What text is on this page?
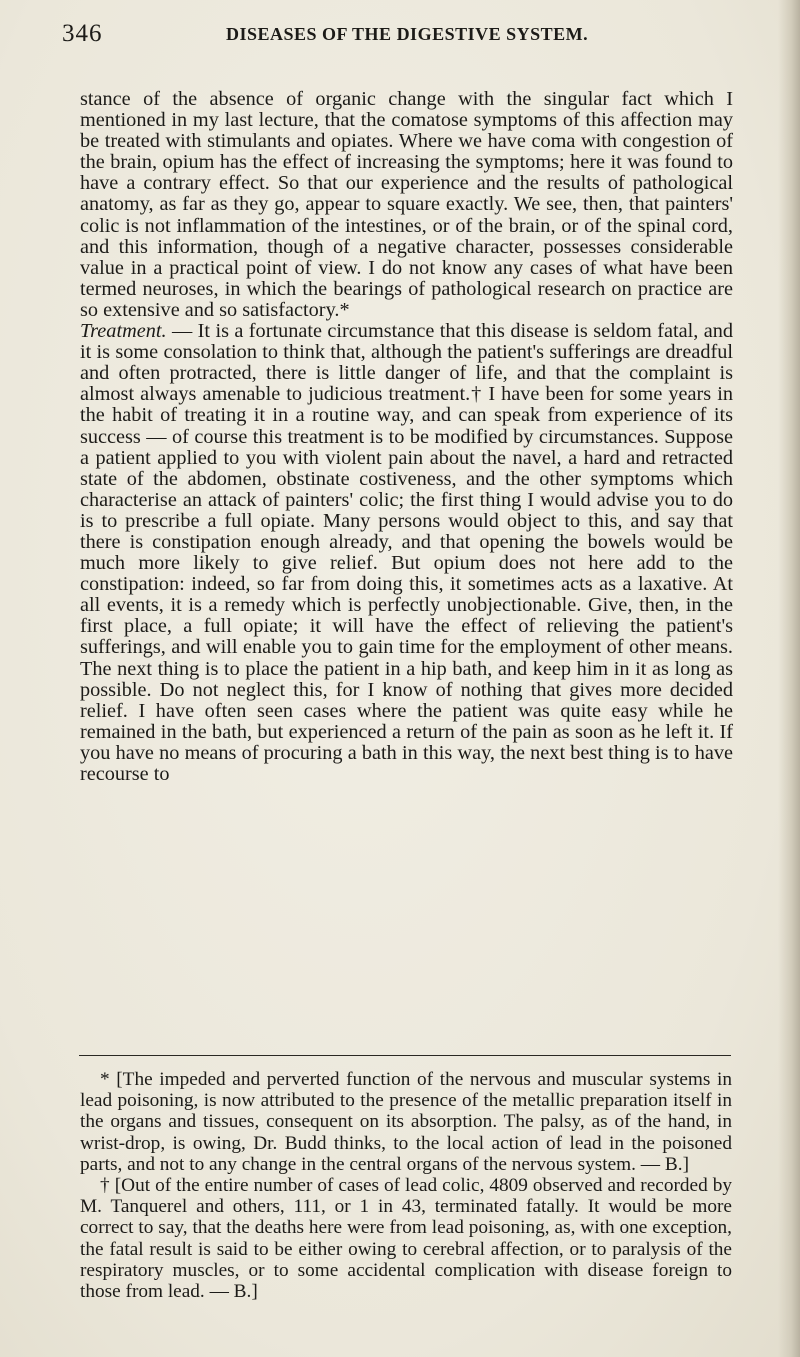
346	DISEASES OF THE DIGESTIVE SYSTEM.

stance of the absence of organic change with the singular fact which I mentioned in my last lecture, that the comatose symptoms of this affection may be treated with stimulants and opiates. Where we have coma with congestion of the brain, opium has the effect of increasing the symptoms; here it was found to have a contrary effect. So that our experience and the results of pathological anatomy, as far as they go, appear to square exactly. We see, then, that painters' colic is not inflammation of the intestines, or of the brain, or of the spinal cord, and this information, though of a negative character, possesses considerable value in a practical point of view. I do not know any cases of what have been termed neuroses, in which the bearings of pathological research on practice are so extensive and so satisfactory.*

Treatment. — It is a fortunate circumstance that this disease is seldom fatal, and it is some consolation to think that, although the patient's sufferings are dreadful and often protracted, there is little danger of life, and that the complaint is almost always amenable to judicious treatment.† I have been for some years in the habit of treating it in a routine way, and can speak from experience of its success — of course this treatment is to be modified by circumstances. Suppose a patient applied to you with violent pain about the navel, a hard and retracted state of the abdomen, obstinate costiveness, and the other symptoms which characterise an attack of painters' colic; the first thing I would advise you to do is to prescribe a full opiate. Many persons would object to this, and say that there is constipation enough already, and that opening the bowels would be much more likely to give relief. But opium does not here add to the constipation: indeed, so far from doing this, it sometimes acts as a laxative. At all events, it is a remedy which is perfectly unobjectionable. Give, then, in the first place, a full opiate; it will have the effect of relieving the patient's sufferings, and will enable you to gain time for the employment of other means. The next thing is to place the patient in a hip bath, and keep him in it as long as possible. Do not neglect this, for I know of nothing that gives more decided relief. I have often seen cases where the patient was quite easy while he remained in the bath, but experienced a return of the pain as soon as he left it. If you have no means of procuring a bath in this way, the next best thing is to have recourse to

* [The impeded and perverted function of the nervous and muscular systems in lead poisoning, is now attributed to the presence of the metallic preparation itself in the organs and tissues, consequent on its absorption. The palsy, as of the hand, in wrist-drop, is owing, Dr. Budd thinks, to the local action of lead in the poisoned parts, and not to any change in the central organs of the nervous system. — B.]

† [Out of the entire number of cases of lead colic, 4809 observed and recorded by M. Tanquerel and others, 111, or 1 in 43, terminated fatally. It would be more correct to say, that the deaths here were from lead poisoning, as, with one exception, the fatal result is said to be either owing to cerebral affection, or to paralysis of the respiratory muscles, or to some accidental complication with disease foreign to those from lead. — B.]
